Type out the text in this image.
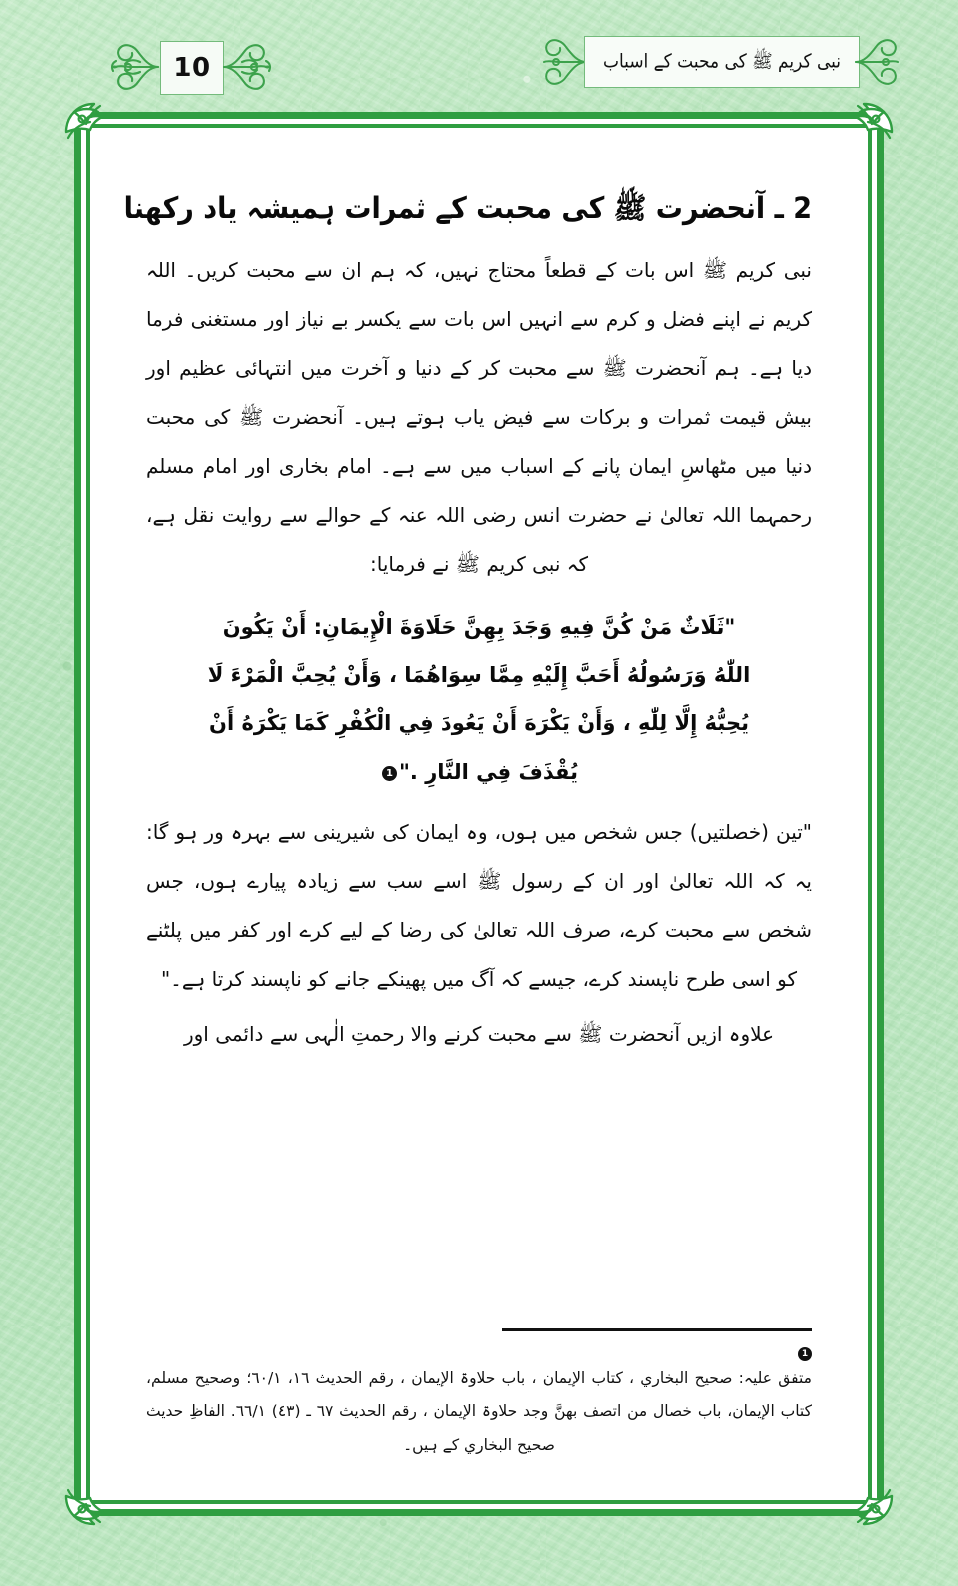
10	نبی کریم ﷺ کی محبت کے اسباب
2 ـ آنحضرت ﷺ کی محبت کے ثمرات ہمیشہ یاد رکھنا

نبی کریم ﷺ اس بات کے قطعاً محتاج نہیں، کہ ہم ان سے محبت کریں۔ اللہ کریم نے اپنے فضل و کرم سے انہیں اس بات سے یکسر بے نیاز اور مستغنی فرما دیا ہے۔ ہم آنحضرت ﷺ سے محبت کر کے دنیا و آخرت میں انتہائی عظیم اور بیش قیمت ثمرات و برکات سے فیض یاب ہوتے ہیں۔ آنحضرت ﷺ کی محبت دنیا میں مٹھاسِ ایمان پانے کے اسباب میں سے ہے۔ امام بخاری اور امام مسلم رحمہما اللہ تعالیٰ نے حضرت انس رضی اللہ عنہ کے حوالے سے روایت نقل ہے، کہ نبی کریم ﷺ نے فرمایا:

"ثَلَاثٌ مَنْ كُنَّ فِيهِ وَجَدَ بِهِنَّ حَلَاوَةَ الْإِيمَانِ: أَنْ يَكُونَ
اللّٰهُ وَرَسُولُهُ أَحَبَّ إِلَيْهِ مِمَّا سِوَاهُمَا ، وَأَنْ يُحِبَّ الْمَرْءَ لَا
يُحِبُّهُ إِلَّا لِلّٰهِ ، وَأَنْ يَكْرَهَ أَنْ يَعُودَ فِي الْكُفْرِ كَمَا يَكْرَهُ أَنْ
يُقْذَفَ فِي النَّارِ ."1

"تین (خصلتیں) جس شخص میں ہوں، وہ ایمان کی شیرینی سے بہرہ ور ہو گا: یہ کہ اللہ تعالیٰ اور ان کے رسول ﷺ اسے سب سے زیادہ پیارے ہوں، جس شخص سے محبت کرے، صرف اللہ تعالیٰ کی رضا کے لیے کرے اور کفر میں پلٹنے کو اسی طرح ناپسند کرے، جیسے کہ آگ میں پھینکے جانے کو ناپسند کرتا ہے۔"

علاوہ ازیں آنحضرت ﷺ سے محبت کرنے والا رحمتِ الٰہی سے دائمی اور

1
متفق علیہ: صحیح البخاري ، کتاب الإیمان ، باب حلاوۃ الإیمان ، رقم الحدیث ١٦، ٦٠/١؛ وصحیح مسلم، کتاب الإیمان، باب خصال من اتصف بهنَّ وجد حلاوۃ الإیمان ، رقم الحدیث ٦٧ ـ (٤٣) ٦٦/١. الفاظِ حدیث صحیح البخاري کے ہیں۔
